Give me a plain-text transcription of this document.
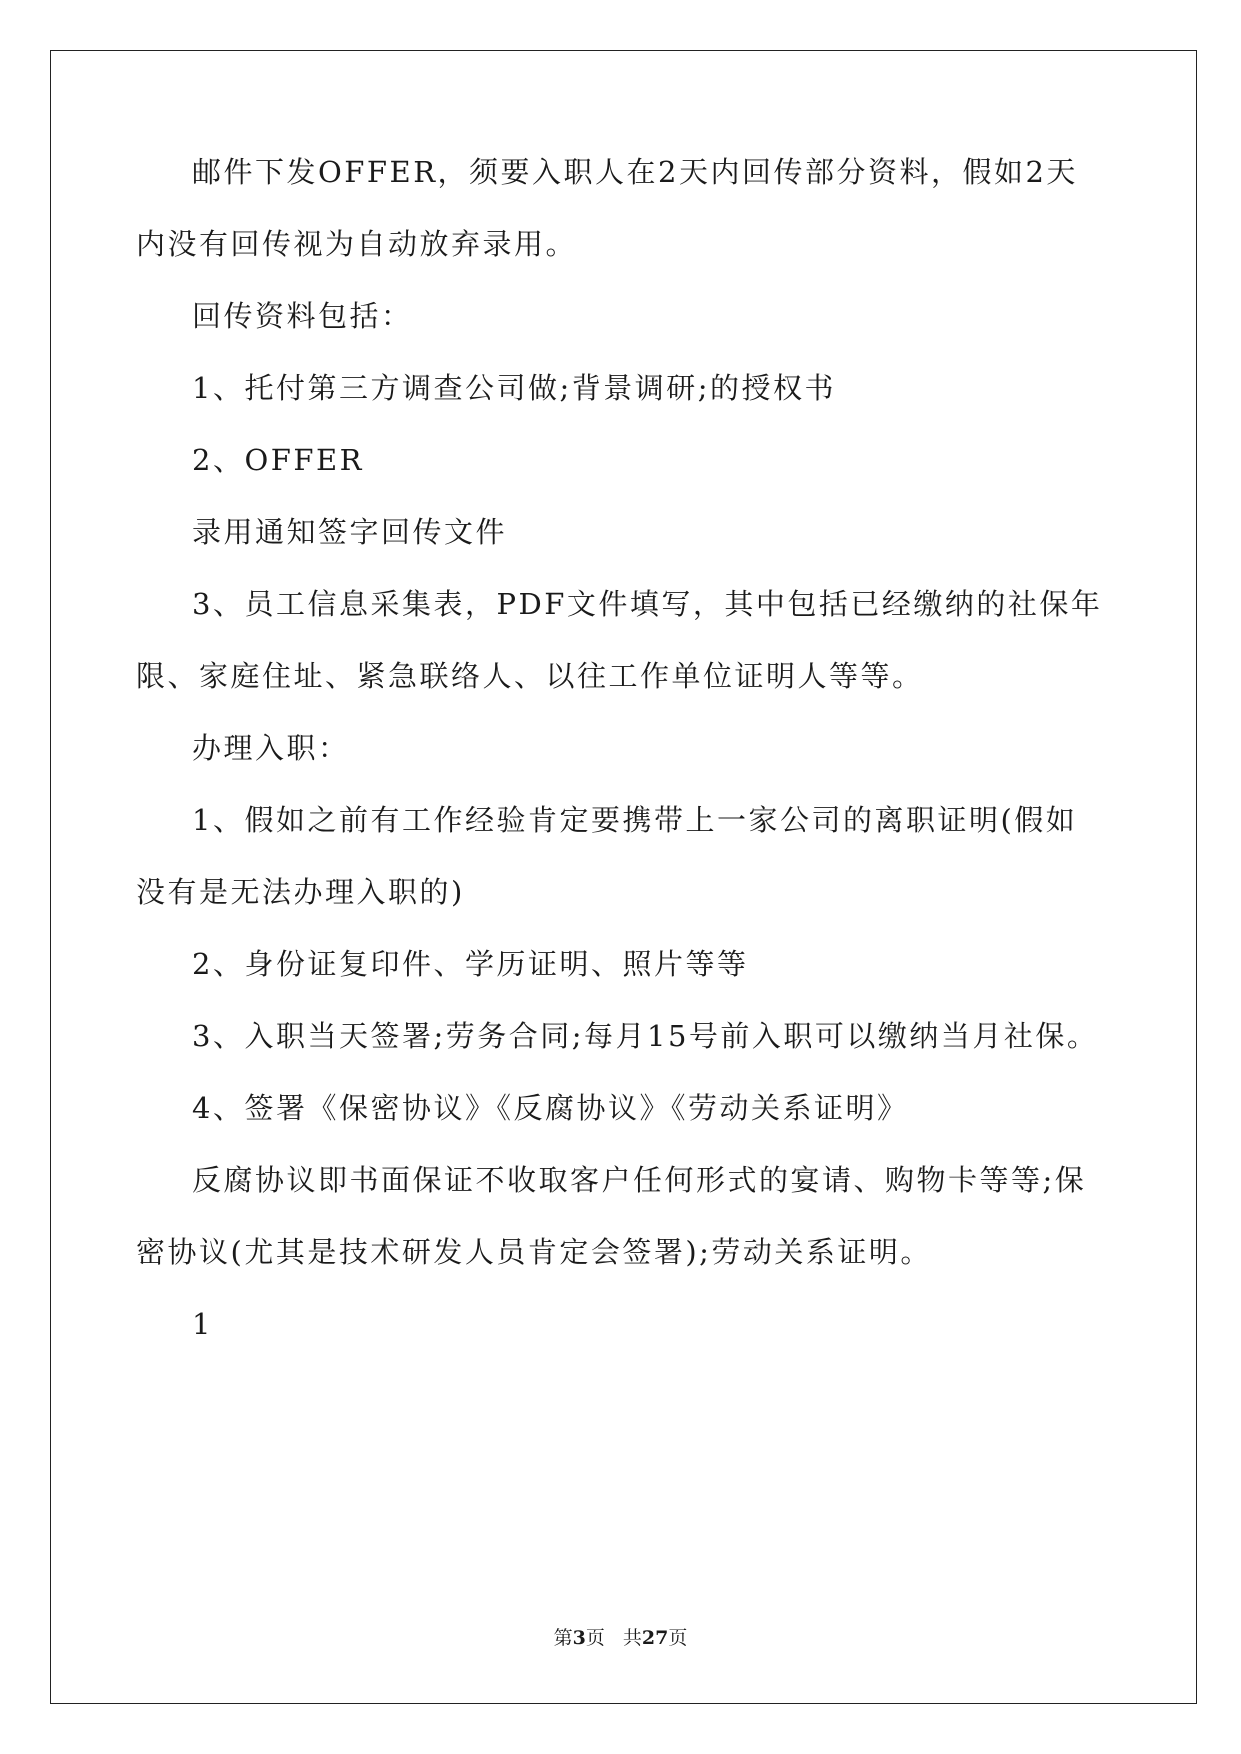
邮件下发OFFER，须要入职人在2天内回传部分资料，假如2天
内没有回传视为自动放弃录用。
回传资料包括：
1、托付第三方调查公司做;背景调研;的授权书
2、OFFER
录用通知签字回传文件
3、员工信息采集表，PDF文件填写，其中包括已经缴纳的社保年
限、家庭住址、紧急联络人、以往工作单位证明人等等。
办理入职：
1、假如之前有工作经验肯定要携带上一家公司的离职证明(假如
没有是无法办理入职的)
2、身份证复印件、学历证明、照片等等
3、入职当天签署;劳务合同;每月15号前入职可以缴纳当月社保。
4、签署《保密协议》《反腐协议》《劳动关系证明》
反腐协议即书面保证不收取客户任何形式的宴请、购物卡等等;保
密协议(尤其是技术研发人员肯定会签署);劳动关系证明。
1
第3页 共27页
